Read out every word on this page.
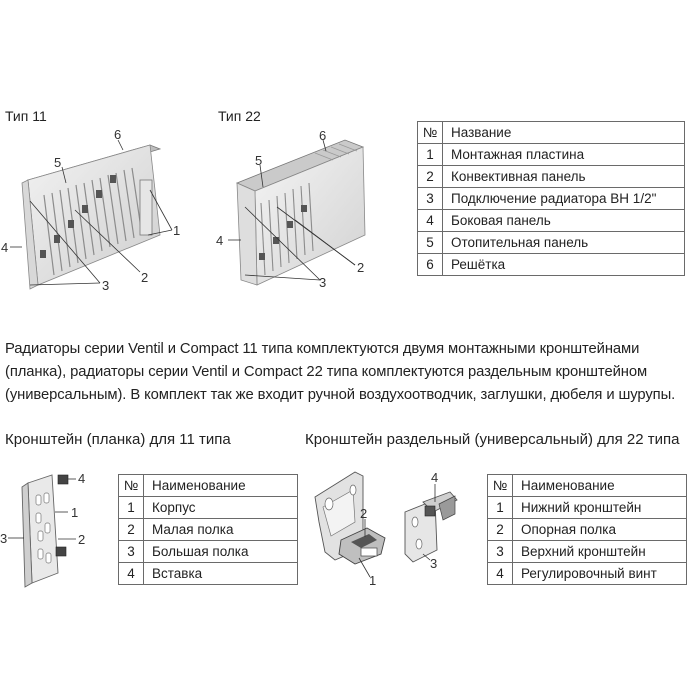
Тип 11	Тип 22
6
5
4
1
2
3
6
5
4
2
3
№	Название
1	Монтажная пластина
2	Конвективная панель
3	Подключение радиатора ВН 1/2"
4	Боковая панель
5	Отопительная панель
6	Решётка
Радиаторы серии Ventil и Compact 11 типа комплектуются двумя монтажными кронштейнами (планка), радиаторы серии Ventil и Compact 22 типа комплектуются раздельным кронштейном (универсальным). В комплект так же входит ручной воздухоотводчик, заглушки, дюбеля и шурупы.
Кронштейн (планка) для 11 типа	Кронштейн раздельный (универсальный) для 22 типа
4
1
2
3
№	Наименование
1	Корпус
2	Малая полка
3	Большая полка
4	Вставка
2
1
4
3
№	Наименование
1	Нижний кронштейн
2	Опорная полка
3	Верхний кронштейн
4	Регулировочный винт
